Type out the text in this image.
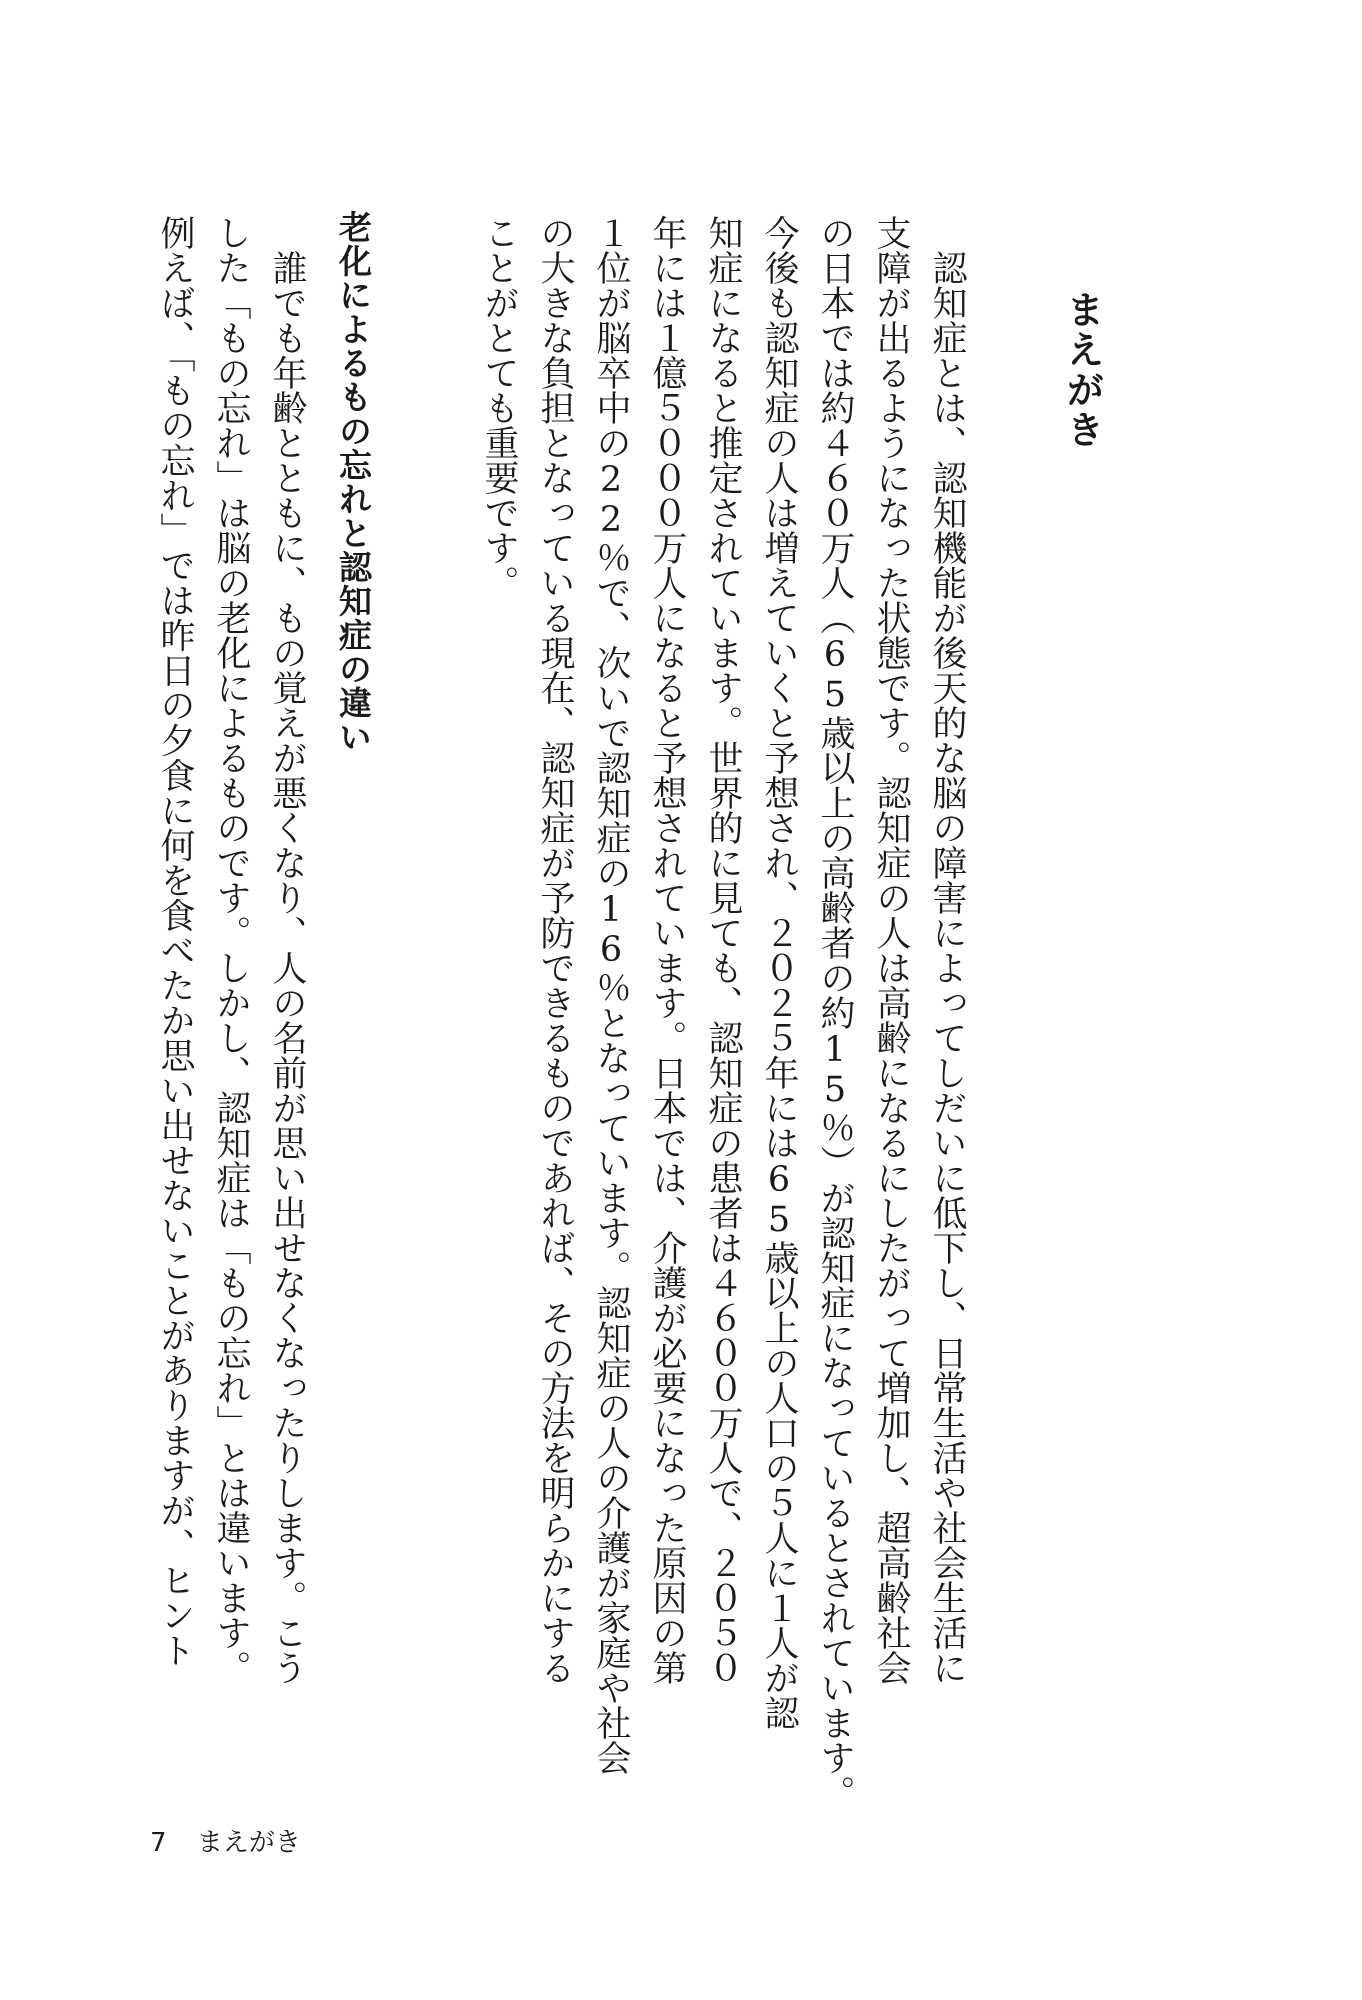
まえがき
　認知症とは、認知機能が後天的な脳の障害によってしだいに低下し、日常生活や社会生活に
支障が出るようになった状態です。認知症の人は高齢になるにしたがって増加し、超高齢社会
の日本では約４６０万人（65歳以上の高齢者の約15％）が認知症になっているとされています。
今後も認知症の人は増えていくと予想され、２０２５年には65歳以上の人口の５人に１人が認
知症になると推定されています。世界的に見ても、認知症の患者は４６００万人で、２０５０
年には１億５０００万人になると予想されています。日本では、介護が必要になった原因の第
１位が脳卒中の22％で、次いで認知症の16％となっています。認知症の人の介護が家庭や社会
の大きな負担となっている現在、認知症が予防できるものであれば、その方法を明らかにする
ことがとても重要です。
老化によるもの忘れと認知症の違い
　誰でも年齢とともに、もの覚えが悪くなり、人の名前が思い出せなくなったりします。こう
した「もの忘れ」は脳の老化によるものです。しかし、認知症は「もの忘れ」とは違います。
例えば、「もの忘れ」では昨日の夕食に何を食べたか思い出せないことがありますが、ヒント
7 まえがき
